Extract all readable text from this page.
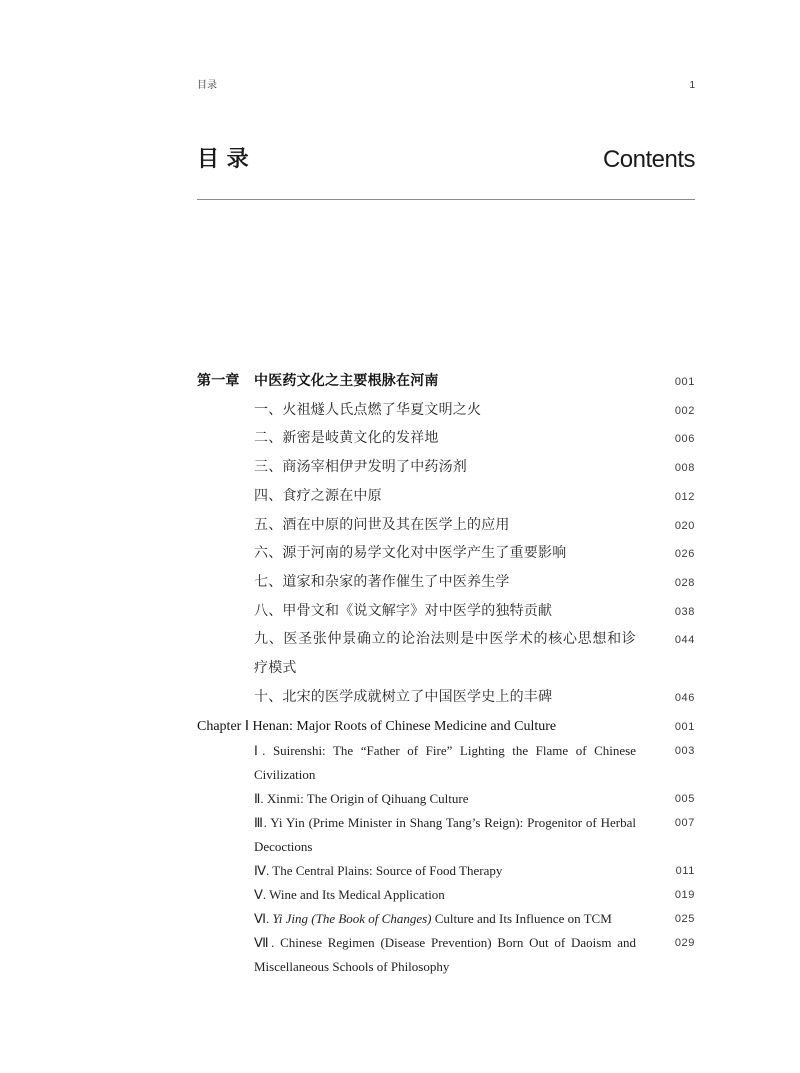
目录	1
目 录	Contents
第一章 中医药文化之主要根脉在河南	001
一、火祖燧人氏点燃了华夏文明之火	002
二、新密是岐黄文化的发祥地	006
三、商汤宰相伊尹发明了中药汤剂	008
四、食疗之源在中原	012
五、酒在中原的问世及其在医学上的应用	020
六、源于河南的易学文化对中医学产生了重要影响	026
七、道家和杂家的著作催生了中医养生学	028
八、甲骨文和《说文解字》对中医学的独特贡献	038
九、医圣张仲景确立的论治法则是中医学术的核心思想和诊
疗模式
044
十、北宋的医学成就树立了中国医学史上的丰碑	046
Chapter Ⅰ Henan: Major Roots of Chinese Medicine and Culture	001
Ⅰ. Suirenshi: The “Father of Fire” Lighting the Flame of Chinese
Civilization
003
Ⅱ. Xinmi: The Origin of Qihuang Culture	005
Ⅲ. Yi Yin (Prime Minister in Shang Tang’s Reign): Progenitor of Herbal
Decoctions
007
Ⅳ. The Central Plains: Source of Food Therapy	011
Ⅴ. Wine and Its Medical Application	019
Ⅵ. Yi Jing (The Book of Changes) Culture and Its Influence on TCM	025
Ⅶ. Chinese Regimen (Disease Prevention) Born Out of Daoism and
Miscellaneous Schools of Philosophy
029
